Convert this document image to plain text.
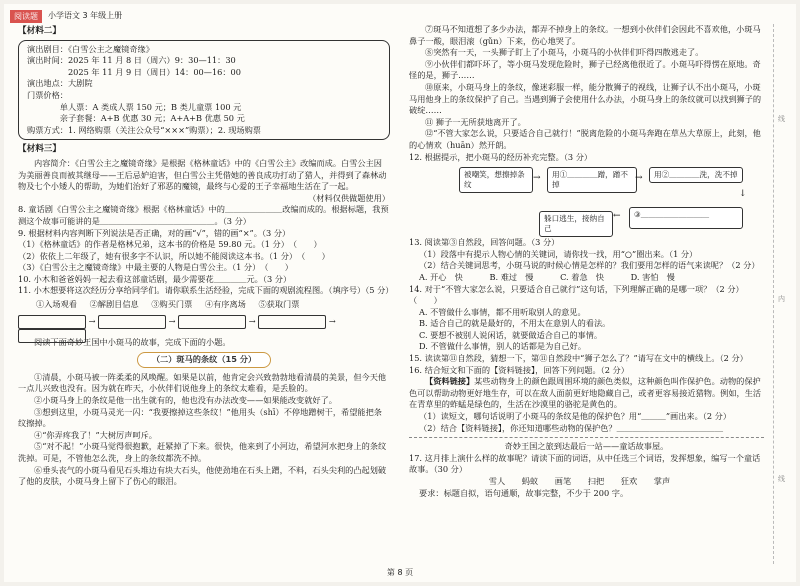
阅读题	小学语文 3 年级上册
【材料二】

演出剧目：《白雪公主之魔镜奇缘》

演出时间：2025 年 11 月 8 日（周六）9：30—11：30

　　　　　2025 年 11 月 9 日（周日）14：00—16：00

演出地点：大剧院

门票价格：

　　　　单人票：A 类成人票 150 元；B 类儿童票 100 元

　　　　亲子套餐：A+B 优惠 30 元；A+A+B 优惠 50 元

购票方式：1. 网络购票（关注公众号“×××”购票）；2. 现场购票

【材料三】

内容简介：《白雪公主之魔镜奇缘》是根据《格林童话》中的《白雪公主》改编而成。白雪公主因为美丽善良而被其继母——王后忌妒迫害，但白雪公主凭借她的善良成功打动了猎人，并得到了森林动物及七个小矮人的帮助，为她们治好了邪恶的魔镜，最终与心爱的王子幸福地生活在了一起。

（材料仅供做题使用）

8. 童话剧《白雪公主之魔镜奇缘》根据《格林童话》中的＿＿＿＿＿＿＿改编而成的。根据标题，我预测这个故事可能讲的是＿＿＿＿＿＿＿＿＿＿＿＿＿＿。（3 分）

9. 根据材料内容判断下列说法是否正确，对的画“√”，错的画“×”。（3 分）

（1）《格林童话》的作者是格林兄弟，这本书的价格是 59.80 元。（1 分）　（　　）

（2）依依上二年级了，她有很多字不认识，所以她不能阅读这本书。（1 分）　（　　）

（3）《白雪公主之魔镜奇缘》中最主要的人物是白雪公主。（1 分）　（　　）

10. 小木和爸爸妈妈一起去看这部童话剧，最少需要花＿＿＿＿元。（3 分）

11. 小木想要将这次经历分享给同学们。请你联系生活经验，完成下面的观剧流程图。（填序号）（5 分）

①入场观看 ②解剧目信息 ③购买门票 ④有序离场 ⑤获取门票
→	→	→	→

阅读下面奇妙王国中小斑马的故事，完成下面的小题。

（二）斑马的条纹（15 分）

①清晨，小斑马被一阵柔柔的风唤醒。如果是以前，他肯定会兴致勃勃地看清晨的美景，但今天他一点儿兴致也没有。因为就在昨天，小伙伴们说他身上的条纹太难看，是丢脸的。

②小斑马身上的条纹是他一出生就有的，他也没有办法改变——如果能改变就好了。

③想到这里，小斑马灵光一闪：“我要擦掉这些条纹！”他用头（shī）不停地蹭树干，希望能把条纹擦掉。

④“你弄疼我了！”大树厉声呵斥。

⑤“对不起！”小斑马觉得很抱歉，赶紧掉了下来。很快，他来到了小河边，希望河水把身上的条纹洗掉。可是，不管他怎么洗，身上的条纹都洗不掉。

⑥垂头丧气的小斑马看见石头堆边有块大石头，他使劲地在石头上蹭，不料，石头尖利的凸起划破了他的皮肤，小斑马身上留下了伤心的眼泪。

⑦斑马不知道想了多少办法，都弄不掉身上的条纹。一想到小伙伴们会因此不喜欢他，小斑马鼻子一酸，眼泪滚（gǔn）下来，伤心地哭了。

⑧突然有一天，一头狮子盯上了小斑马，小斑马的小伙伴们吓得四散逃走了。

⑨小伙伴们都吓坏了，等小斑马发现危险时，狮子已经离他很近了。小斑马吓得愣在原地。奇怪的是，狮子……

⑩原来，小斑马身上的条纹，像迷彩服一样，能分散狮子的视线，让狮子认不出小斑马，小斑马用他身上的条纹保护了自己。当遇到狮子会使用什么办法，小斑马身上的条纹就可以找到狮子的破绽……

⑪ 狮子一无所获地离开了。

⑫“不管大家怎么说，只要适合自己就行！”脱离危险的小斑马奔跑在草丛大草原上，此刻，他的心情欢（huān）然开朗。

12. 根据提示，把小斑马的经历补充完整。（3 分）

被嘲笑，想擦掉条纹
→	用①＿＿＿＿蹭，蹭不掉
→	用②＿＿＿＿洗，洗不掉
↓
③＿＿＿＿＿＿＿＿＿
←
躲口逃生，接纳自己

13. 阅读第③自然段，回答问题。（3 分）

（1）段落中有提示人物心情的关键词，请你找一找，用“○”圈出来。（1 分）

（2）结合关键词思考，小斑马说的时候心情是怎样的？我们要用怎样的语气来读呢？（2 分）

A. 开心　快	B. 难过　慢	C. 着急　快	D. 害怕　慢

14. 对于“不管大家怎么说，只要适合自己就行”这句话，下列理解正确的是哪一项？（2 分）　（　　）

A. 不管做什么事情，都不用听取别人的意见。

B. 适合自己的就是最好的，不用太在意别人的看法。

C. 要想不被别人说闲话，就要做适合自己的事情。

D. 不管做什么事情，别人的话都是为自己好。

15. 读读第⑪自然段，猜想一下，第⑪自然段中“狮子怎么了？”请写在文中的横线上。（2 分）

16. 结合短文和下面的【资料链接】，回答下列问题。（2 分）

【资料链接】某些动物身上的颜色跟周围环境的颜色类似，这种颜色叫作保护色。动物的保护色可以帮助动物更好地生存，可以在敌人面前更好地隐藏自己，或者更容易接近猎物。例如，生活在青草里的蚱蜢是绿色的，生活在沙漠里的骆驼是黄色的。

（1）读短文，哪句话说明了小斑马的条纹是他的保护色？用“＿＿＿”画出来。（2 分）

（2）结合【资料链接】，你还知道哪些动物的保护色？＿＿＿＿＿＿＿＿＿＿＿＿＿

奇妙王国之旅到达最后一站——童话故事屋。

17. 这月排上演什么样的故事呢？请读下面的词语，从中任选三个词语，发挥想象，编写一个童话故事。（30 分）

雪人 蚂蚁 画笔 扫把 狂欢 掌声

要求：标题自拟，语句通顺，故事完整，不少于 200 字。

线
内
线
第 8 页
